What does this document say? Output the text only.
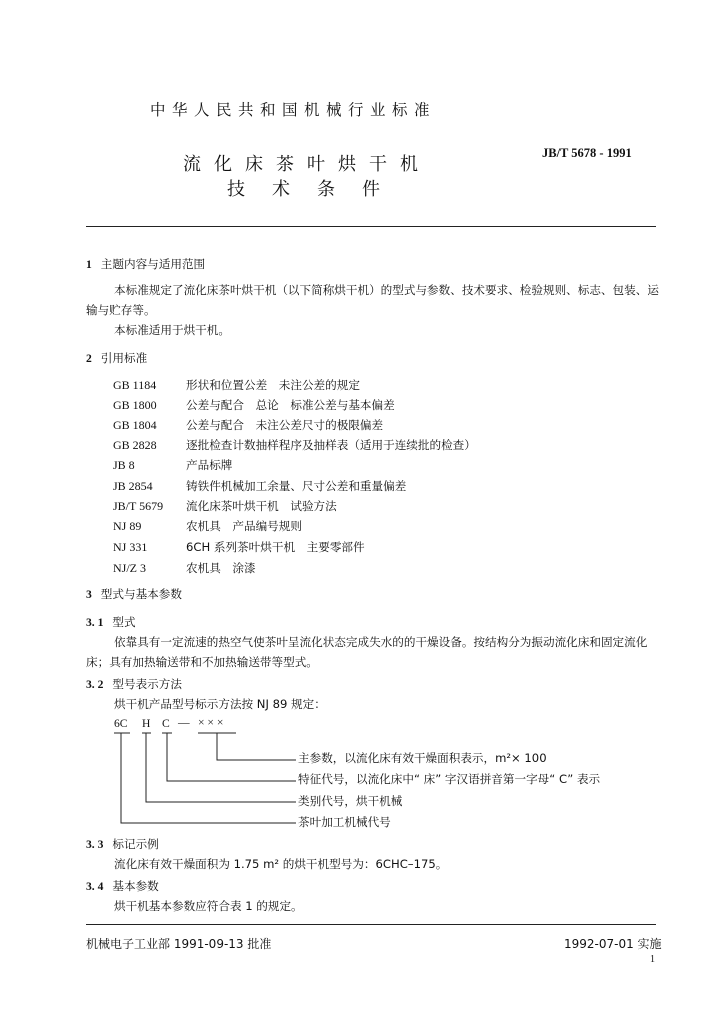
中华人民共和国机械行业标准
JB/T 5678 - 1991
流化床茶叶烘干机
技术条件
1 主题内容与适用范围
本标准规定了流化床茶叶烘干机（以下简称烘干机）的型式与参数、技术要求、检验规则、标志、包装、运输与贮存等。
本标准适用于烘干机。
2 引用标准
GB 1184	形状和位置公差　未注公差的规定
GB 1800	公差与配合　总论　标准公差与基本偏差
GB 1804	公差与配合　未注公差尺寸的极限偏差
GB 2828	逐批检查计数抽样程序及抽样表（适用于连续批的检查）
JB 8	产品标牌
JB 2854	铸铁件机械加工余量、尺寸公差和重量偏差
JB/T 5679 流化床茶叶烘干机　试验方法
NJ 89	农机具　产品编号规则
NJ 331	6CH 系列茶叶烘干机　主要零部件
NJ/Z 3	农机具　涂漆
3 型式与基本参数
3. 1 型式
依靠具有一定流速的热空气使茶叶呈流化状态完成失水的的干燥设备。按结构分为振动流化床和固定流化床；具有加热输送带和不加热输送带等型式。
3. 2 型号表示方法
烘干机产品型号标示方法按 NJ 89 规定：
6C H C — × × ×
主参数，以流化床有效干燥面积表示，m²× 100
特征代号，以流化床中“ 床” 字汉语拼音第一字母“ C” 表示
类别代号，烘干机械
茶叶加工机械代号
3. 3 标记示例
流化床有效干燥面积为 1.75 m² 的烘干机型号为：6CHC–175。
3. 4 基本参数
烘干机基本参数应符合表 1 的规定。
机械电子工业部 1991-09-13 批准	1992-07-01 实施
1
